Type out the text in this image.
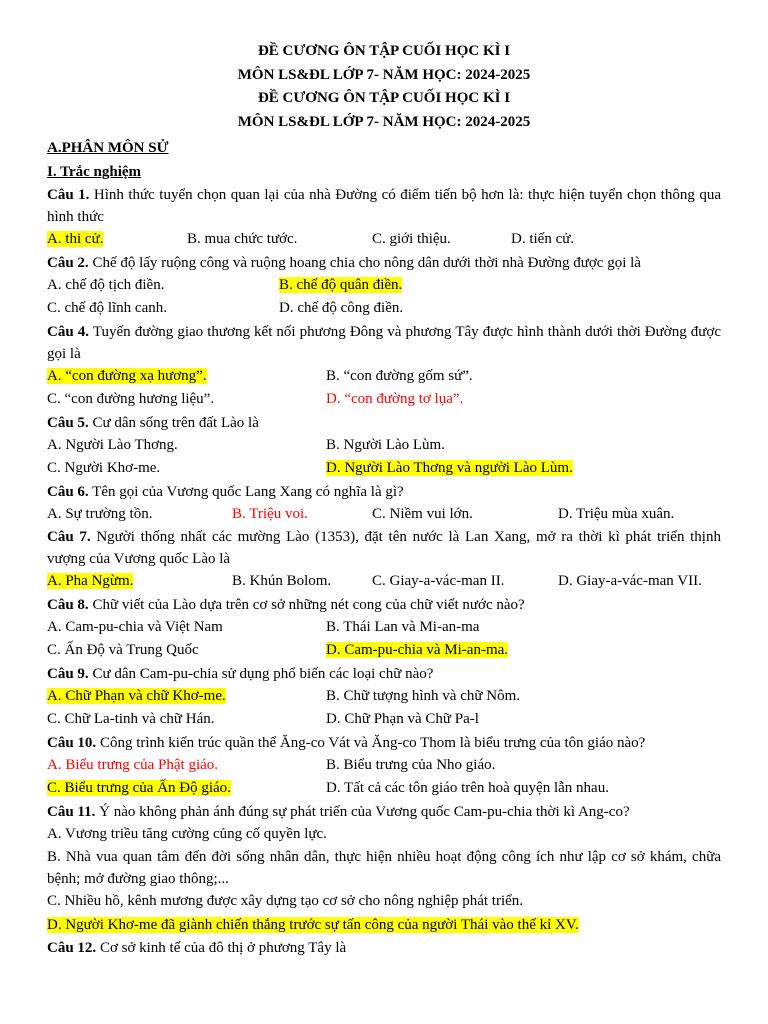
ĐỀ CƯƠNG ÔN TẬP CUỐI HỌC KÌ I
MÔN LS&ĐL LỚP 7- NĂM HỌC: 2024-2025
ĐỀ CƯƠNG ÔN TẬP CUỐI HỌC KÌ I
MÔN LS&ĐL LỚP 7- NĂM HỌC: 2024-2025
A.PHÂN MÔN SỬ
I. Trắc nghiệm
Câu 1. Hình thức tuyển chọn quan lại của nhà Đường có điểm tiến bộ hơn là: thực hiện tuyển chọn thông qua hình thức
A. thi cử.	B. mua chức tước.	C. giới thiệu.	D. tiến cử.
Câu 2. Chế độ lấy ruộng công và ruộng hoang chia cho nông dân dưới thời nhà Đường được gọi là
A. chế độ tịch điền.	B. chế độ quân điền.
C. chế độ lĩnh canh.	D. chế độ công điền.
Câu 4. Tuyến đường giao thương kết nối phương Đông và phương Tây được hình thành dưới thời Đường được gọi là
A. “con đường xạ hương”.	B. “con đường gốm sứ”.
C. “con đường hương liệu”.	D. “con đường tơ lụa”.
Câu 5. Cư dân sống trên đất Lào là
A. Người Lào Thơng.	B. Người Lào Lùm.
C. Người Khơ-me.	D. Người Lào Thơng và người Lào Lùm.
Câu 6. Tên gọi của Vương quốc Lang Xang có nghĩa là gì?
A. Sự trường tồn.	B. Triệu voi.	C. Niềm vui lớn.	D. Triệu mùa xuân.
Câu 7. Người thống nhất các mường Lào (1353), đặt tên nước là Lan Xang, mở ra thời kì phát triển thịnh vượng của Vương quốc Lào là
A. Pha Ngừm.	B. Khún Bolom.	C. Giay-a-vác-man II.	D. Giay-a-vác-man VII.
Câu 8. Chữ viết của Lào dựa trên cơ sở những nét cong của chữ viết nước nào?
A. Cam-pu-chia và Việt Nam	B. Thái Lan và Mi-an-ma
C. Ấn Độ và Trung Quốc	D. Cam-pu-chia và Mi-an-ma.
Câu 9. Cư dân Cam-pu-chia sử dụng phổ biến các loại chữ nào?
A. Chữ Phạn và chữ Khơ-me.	B. Chữ tượng hình và chữ Nôm.
C. Chữ La-tinh và chữ Hán.	D. Chữ Phạn và Chữ Pa-l
Câu 10. Công trình kiến trúc quần thể Ăng-co Vát và Ăng-co Thom là biểu trưng của tôn giáo nào?
A. Biểu trưng của Phật giáo.	B. Biểu trưng của Nho giáo.
C. Biểu trưng của Ấn Độ giáo.	D. Tất cả các tôn giáo trên hoà quyện lẫn nhau.
Câu 11. Ý nào không phản ánh đúng sự phát triển của Vương quốc Cam-pu-chia thời kì Ang-co?
A. Vương triều tăng cường củng cố quyền lực.
B. Nhà vua quan tâm đến đời sống nhân dân, thực hiện nhiều hoạt động công ích như lập cơ sở khám, chữa bệnh; mở đường giao thông;...
C. Nhiều hồ, kênh mương được xây dựng tạo cơ sở cho nông nghiệp phát triển.
D. Người Khơ-me đã giành chiến thắng trước sự tấn công của người Thái vào thế kỉ XV.
Câu 12. Cơ sở kinh tế của đô thị ở phương Tây là
